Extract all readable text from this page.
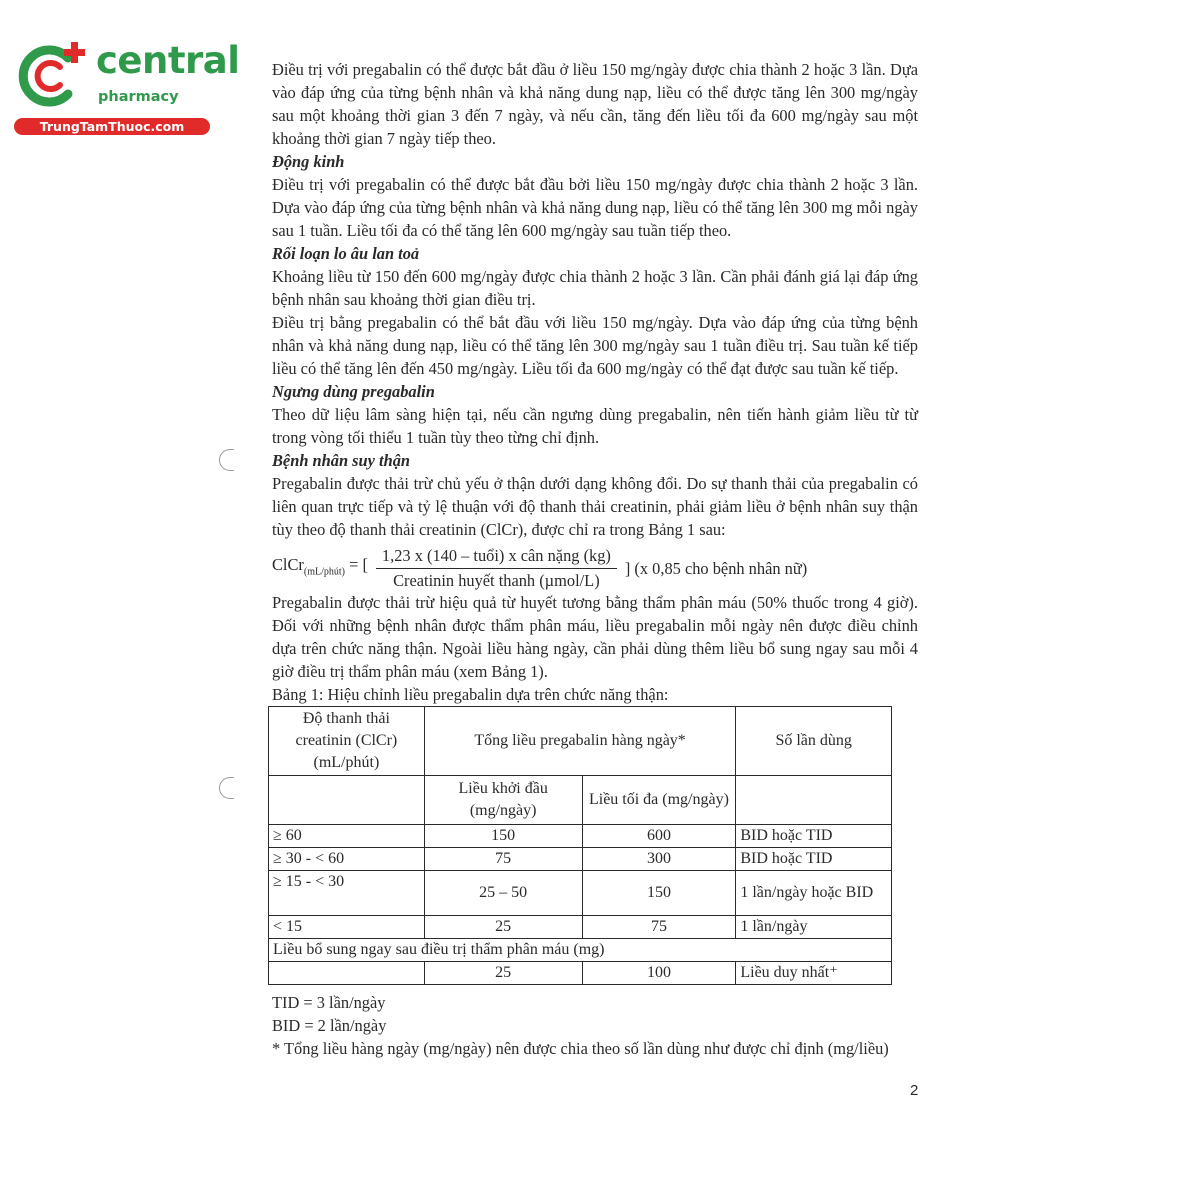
central
pharmacy
TrungTamThuoc.com

Điều trị với pregabalin có thể được bắt đầu ở liều 150 mg/ngày được chia thành 2 hoặc 3 lần. Dựa vào đáp ứng của từng bệnh nhân và khả năng dung nạp, liều có thể được tăng lên 300 mg/ngày sau một khoảng thời gian 3 đến 7 ngày, và nếu cần, tăng đến liều tối đa 600 mg/ngày sau một khoảng thời gian 7 ngày tiếp theo.

Động kinh

Điều trị với pregabalin có thể được bắt đầu bởi liều 150 mg/ngày được chia thành 2 hoặc 3 lần. Dựa vào đáp ứng của từng bệnh nhân và khả năng dung nạp, liều có thể tăng lên 300 mg mỗi ngày sau 1 tuần. Liều tối đa có thể tăng lên 600 mg/ngày sau tuần tiếp theo.

Rối loạn lo âu lan toả

Khoảng liều từ 150 đến 600 mg/ngày được chia thành 2 hoặc 3 lần. Cần phải đánh giá lại đáp ứng bệnh nhân sau khoảng thời gian điều trị.

Điều trị bằng pregabalin có thể bắt đầu với liều 150 mg/ngày. Dựa vào đáp ứng của từng bệnh nhân và khả năng dung nạp, liều có thể tăng lên 300 mg/ngày sau 1 tuần điều trị. Sau tuần kế tiếp liều có thể tăng lên đến 450 mg/ngày. Liều tối đa 600 mg/ngày có thể đạt được sau tuần kế tiếp.

Ngưng dùng pregabalin

Theo dữ liệu lâm sàng hiện tại, nếu cần ngưng dùng pregabalin, nên tiến hành giảm liều từ từ trong vòng tối thiểu 1 tuần tùy theo từng chỉ định.

Bệnh nhân suy thận

Pregabalin được thải trừ chủ yếu ở thận dưới dạng không đổi. Do sự thanh thải của pregabalin có liên quan trực tiếp và tỷ lệ thuận với độ thanh thải creatinin, phải giảm liều ở bệnh nhân suy thận tùy theo độ thanh thải creatinin (ClCr), được chỉ ra trong Bảng 1 sau:

ClCr$_{(mL/phút)}$ = [ $\frac{\text{1,23 x (140 – tuổi) x cân nặng (kg)}}{\text{Creatinin huyết thanh (µmol/L)}}$ ] (x 0,85 cho bệnh nhân nữ)

Pregabalin được thải trừ hiệu quả từ huyết tương bằng thẩm phân máu (50% thuốc trong 4 giờ). Đối với những bệnh nhân được thẩm phân máu, liều pregabalin mỗi ngày nên được điều chỉnh dựa trên chức năng thận. Ngoài liều hàng ngày, cần phải dùng thêm liều bổ sung ngay sau mỗi 4 giờ điều trị thẩm phân máu (xem Bảng 1).

Bảng 1: Hiệu chỉnh liều pregabalin dựa trên chức năng thận:

Độ thanh thải creatinin (ClCr) (mL/phút)	Tổng liều pregabalin hàng ngày*		Số lần dùng
	Liều khởi đầu (mg/ngày)	Liều tối đa (mg/ngày)	
≥ 60	150	600	BID hoặc TID
≥ 30 - < 60	75	300	BID hoặc TID
≥ 15 - < 30	25 – 50	150	1 lần/ngày hoặc BID
< 15	25	75	1 lần/ngày
Liều bổ sung ngay sau điều trị thẩm phân máu (mg)			
	25	100	Liều duy nhất⁺

TID = 3 lần/ngày

BID = 2 lần/ngày

* Tổng liều hàng ngày (mg/ngày) nên được chia theo số lần dùng như được chỉ định (mg/liều)

2
